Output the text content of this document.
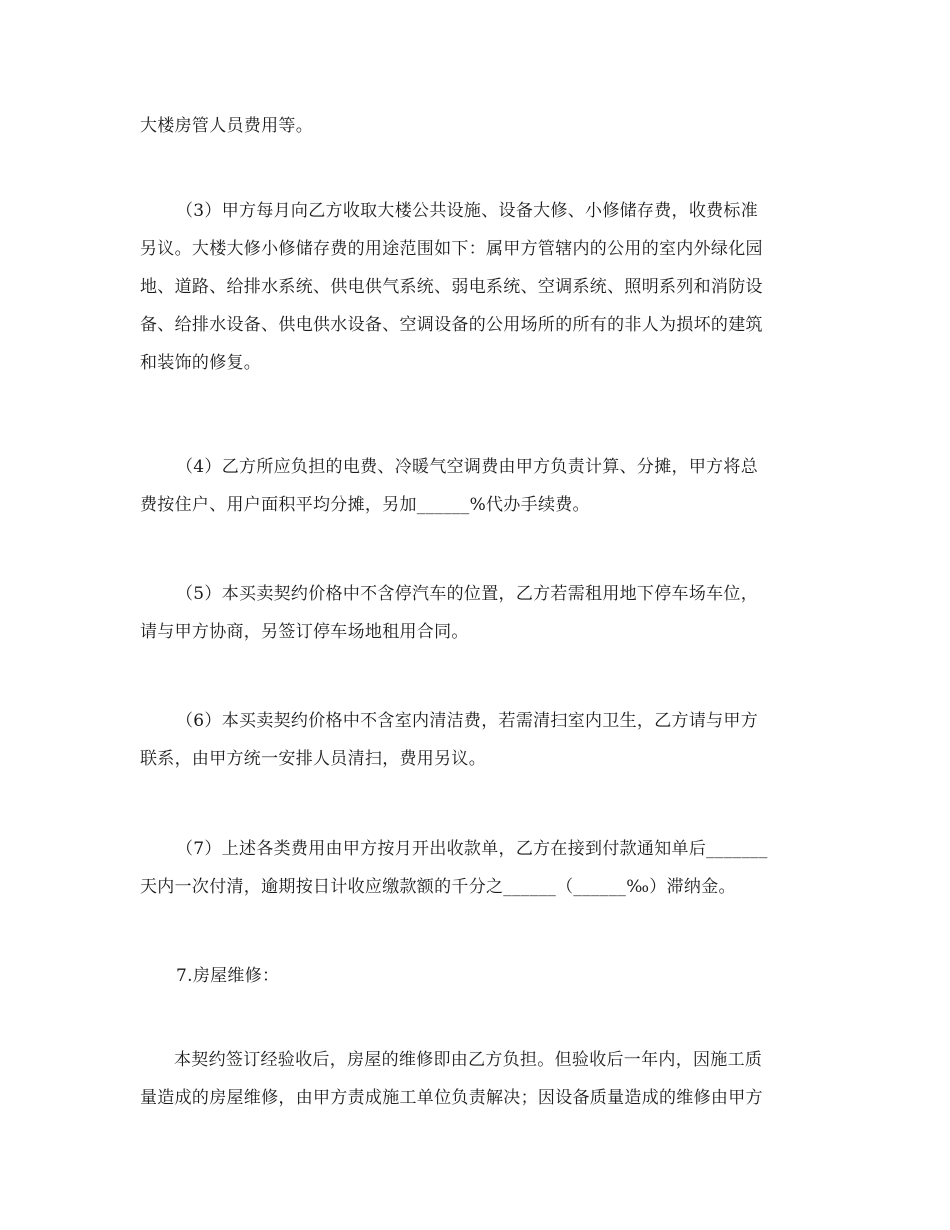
大楼房管人员费用等。

（3）甲方每月向乙方收取大楼公共设施、设备大修、小修储存费，收费标准
另议。大楼大修小修储存费的用途范围如下：属甲方管辖内的公用的室内外绿化园
地、道路、给排水系统、供电供气系统、弱电系统、空调系统、照明系列和消防设
备、给排水设备、供电供水设备、空调设备的公用场所的所有的非人为损坏的建筑
和装饰的修复。

（4）乙方所应负担的电费、冷暖气空调费由甲方负责计算、分摊，甲方将总
费按住户、用户面积平均分摊，另加______%代办手续费。

（5）本买卖契约价格中不含停汽车的位置，乙方若需租用地下停车场车位，
请与甲方协商，另签订停车场地租用合同。

（6）本买卖契约价格中不含室内清洁费，若需清扫室内卫生，乙方请与甲方
联系，由甲方统一安排人员清扫，费用另议。

（7）上述各类费用由甲方按月开出收款单，乙方在接到付款通知单后_______
天内一次付清，逾期按日计收应缴款额的千分之______（______‰）滞纳金。

7.房屋维修：

本契约签订经验收后，房屋的维修即由乙方负担。但验收后一年内，因施工质
量造成的房屋维修，由甲方责成施工单位负责解决；因设备质量造成的维修由甲方
